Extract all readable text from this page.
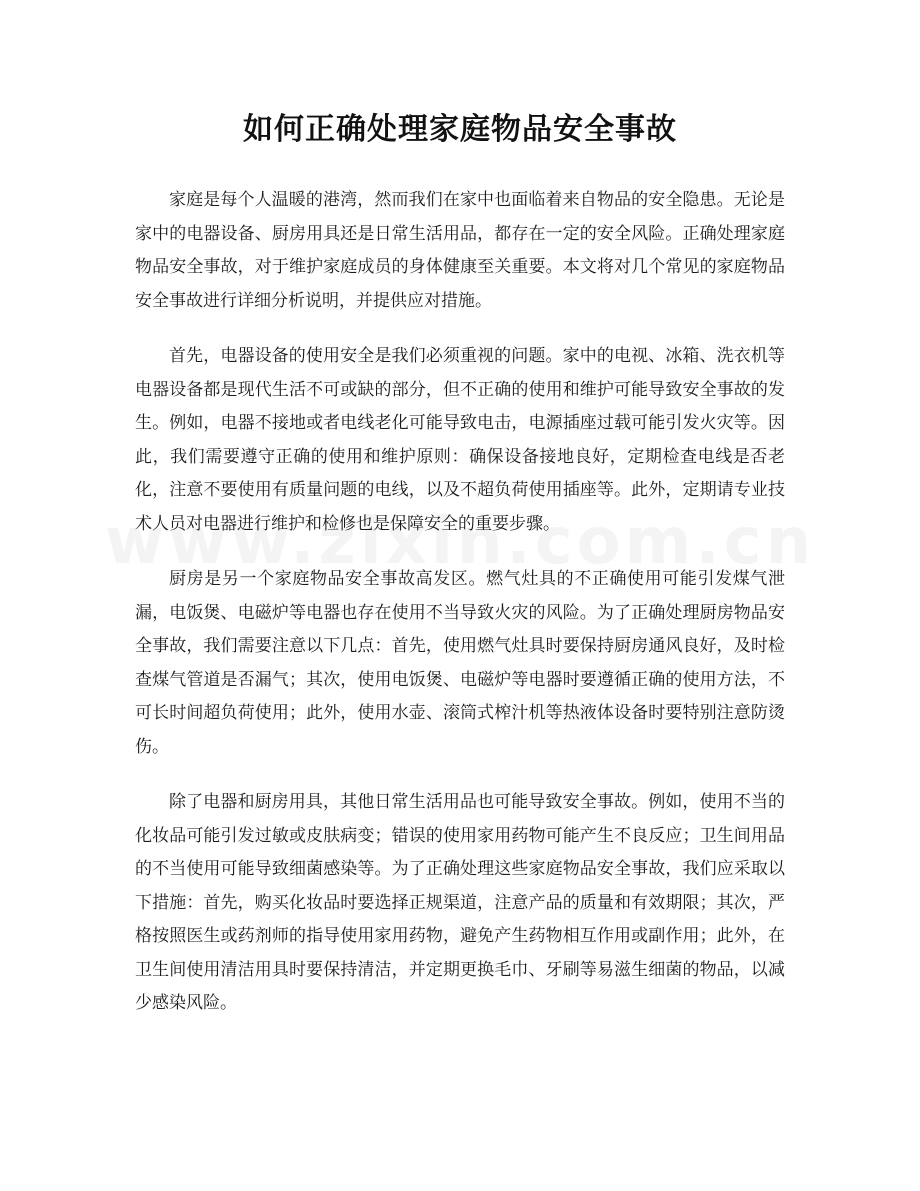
如何正确处理家庭物品安全事故

家庭是每个人温暖的港湾，然而我们在家中也面临着来自物品的安全隐患。无论是家中的电器设备、厨房用具还是日常生活用品，都存在一定的安全风险。正确处理家庭物品安全事故，对于维护家庭成员的身体健康至关重要。本文将对几个常见的家庭物品安全事故进行详细分析说明，并提供应对措施。

首先，电器设备的使用安全是我们必须重视的问题。家中的电视、冰箱、洗衣机等电器设备都是现代生活不可或缺的部分，但不正确的使用和维护可能导致安全事故的发生。例如，电器不接地或者电线老化可能导致电击，电源插座过载可能引发火灾等。因此，我们需要遵守正确的使用和维护原则：确保设备接地良好，定期检查电线是否老化，注意不要使用有质量问题的电线，以及不超负荷使用插座等。此外，定期请专业技术人员对电器进行维护和检修也是保障安全的重要步骤。

厨房是另一个家庭物品安全事故高发区。燃气灶具的不正确使用可能引发煤气泄漏，电饭煲、电磁炉等电器也存在使用不当导致火灾的风险。为了正确处理厨房物品安全事故，我们需要注意以下几点：首先，使用燃气灶具时要保持厨房通风良好，及时检查煤气管道是否漏气；其次，使用电饭煲、电磁炉等电器时要遵循正确的使用方法，不可长时间超负荷使用；此外，使用水壶、滚筒式榨汁机等热液体设备时要特别注意防烫伤。

除了电器和厨房用具，其他日常生活用品也可能导致安全事故。例如，使用不当的化妆品可能引发过敏或皮肤病变；错误的使用家用药物可能产生不良反应；卫生间用品的不当使用可能导致细菌感染等。为了正确处理这些家庭物品安全事故，我们应采取以下措施：首先，购买化妆品时要选择正规渠道，注意产品的质量和有效期限；其次，严格按照医生或药剂师的指导使用家用药物，避免产生药物相互作用或副作用；此外，在卫生间使用清洁用具时要保持清洁，并定期更换毛巾、牙刷等易滋生细菌的物品，以减少感染风险。
